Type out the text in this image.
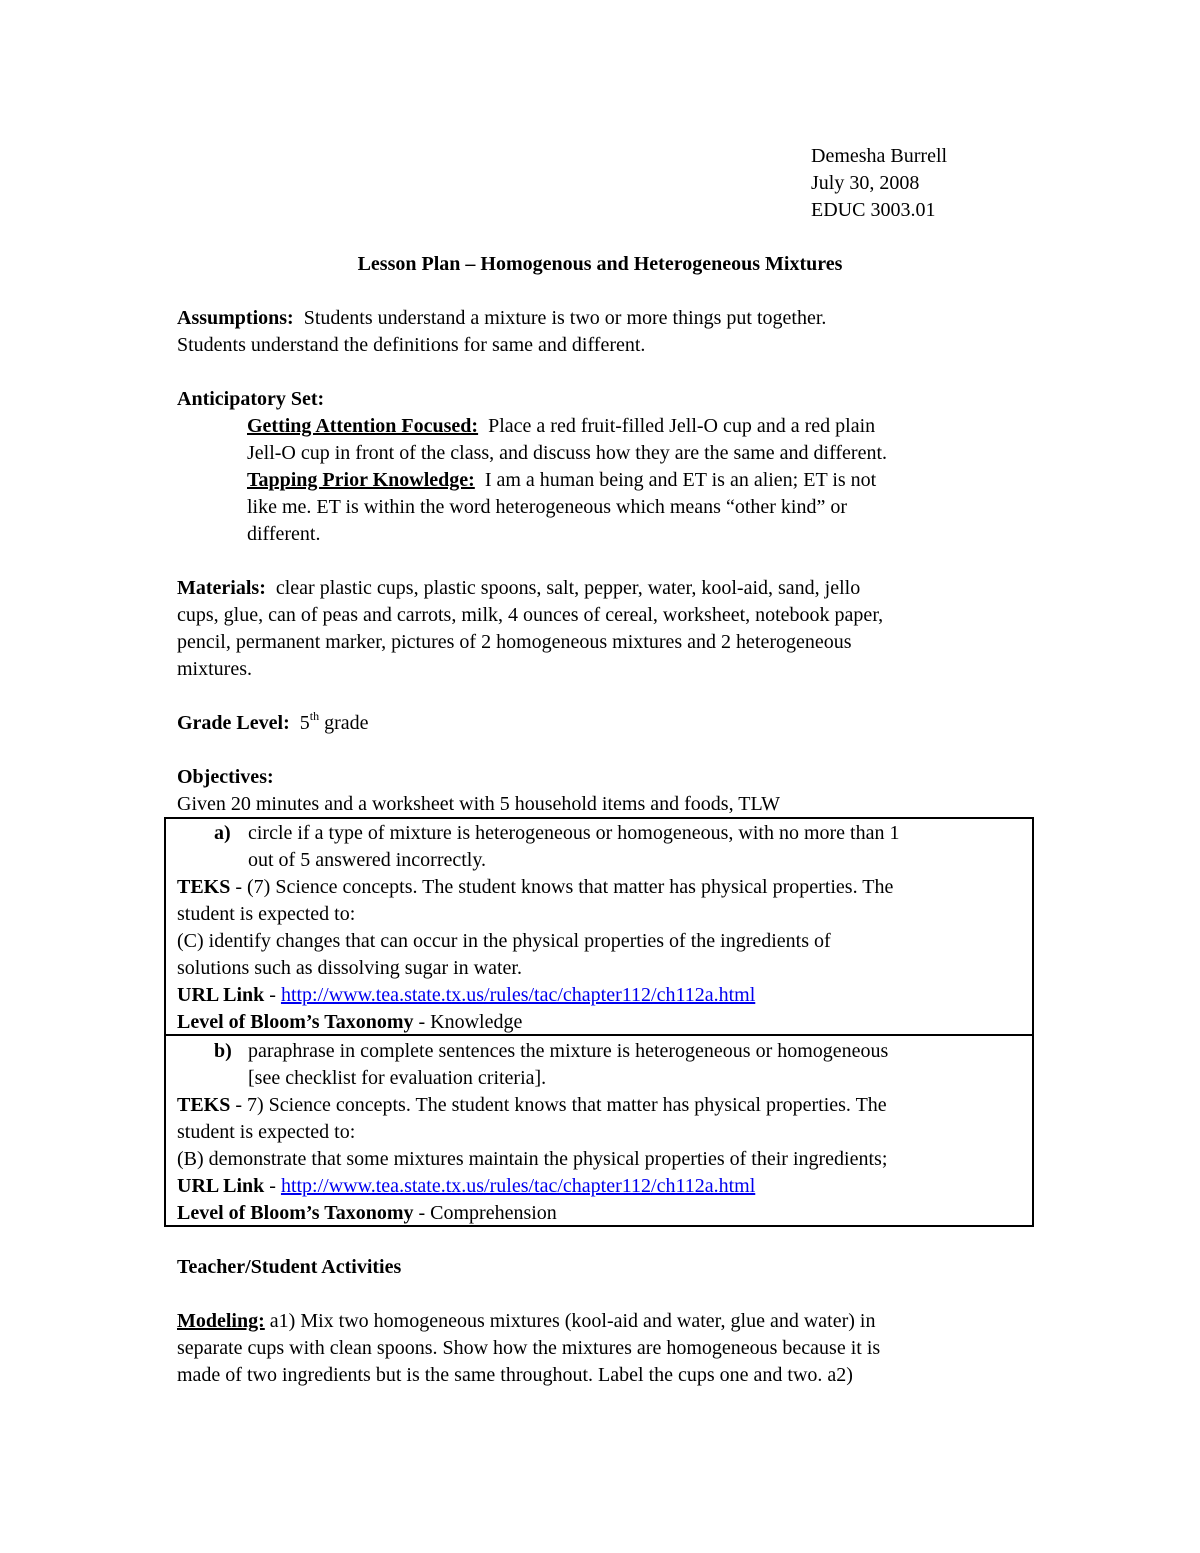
Demesha Burrell
July 30, 2008
EDUC 3003.01
Lesson Plan – Homogenous and Heterogeneous Mixtures
Assumptions: Students understand a mixture is two or more things put together.
Students understand the definitions for same and different.
Anticipatory Set:
Getting Attention Focused: Place a red fruit-filled Jell-O cup and a red plain
Jell-O cup in front of the class, and discuss how they are the same and different.
Tapping Prior Knowledge: I am a human being and ET is an alien; ET is not
like me. ET is within the word heterogeneous which means “other kind” or
different.
Materials: clear plastic cups, plastic spoons, salt, pepper, water, kool-aid, sand, jello
cups, glue, can of peas and carrots, milk, 4 ounces of cereal, worksheet, notebook paper,
pencil, permanent marker, pictures of 2 homogeneous mixtures and 2 heterogeneous
mixtures.
Grade Level: 5th grade
Objectives:
Given 20 minutes and a worksheet with 5 household items and foods, TLW
a) circle if a type of mixture is heterogeneous or homogeneous, with no more than 1
out of 5 answered incorrectly.
TEKS - (7) Science concepts. The student knows that matter has physical properties. The
student is expected to:
(C) identify changes that can occur in the physical properties of the ingredients of
solutions such as dissolving sugar in water.
URL Link - http://www.tea.state.tx.us/rules/tac/chapter112/ch112a.html
Level of Bloom’s Taxonomy - Knowledge
b) paraphrase in complete sentences the mixture is heterogeneous or homogeneous
[see checklist for evaluation criteria].
TEKS - 7) Science concepts. The student knows that matter has physical properties. The
student is expected to:
(B) demonstrate that some mixtures maintain the physical properties of their ingredients;
URL Link - http://www.tea.state.tx.us/rules/tac/chapter112/ch112a.html
Level of Bloom’s Taxonomy - Comprehension
Teacher/Student Activities
Modeling: a1) Mix two homogeneous mixtures (kool-aid and water, glue and water) in
separate cups with clean spoons. Show how the mixtures are homogeneous because it is
made of two ingredients but is the same throughout. Label the cups one and two. a2)
